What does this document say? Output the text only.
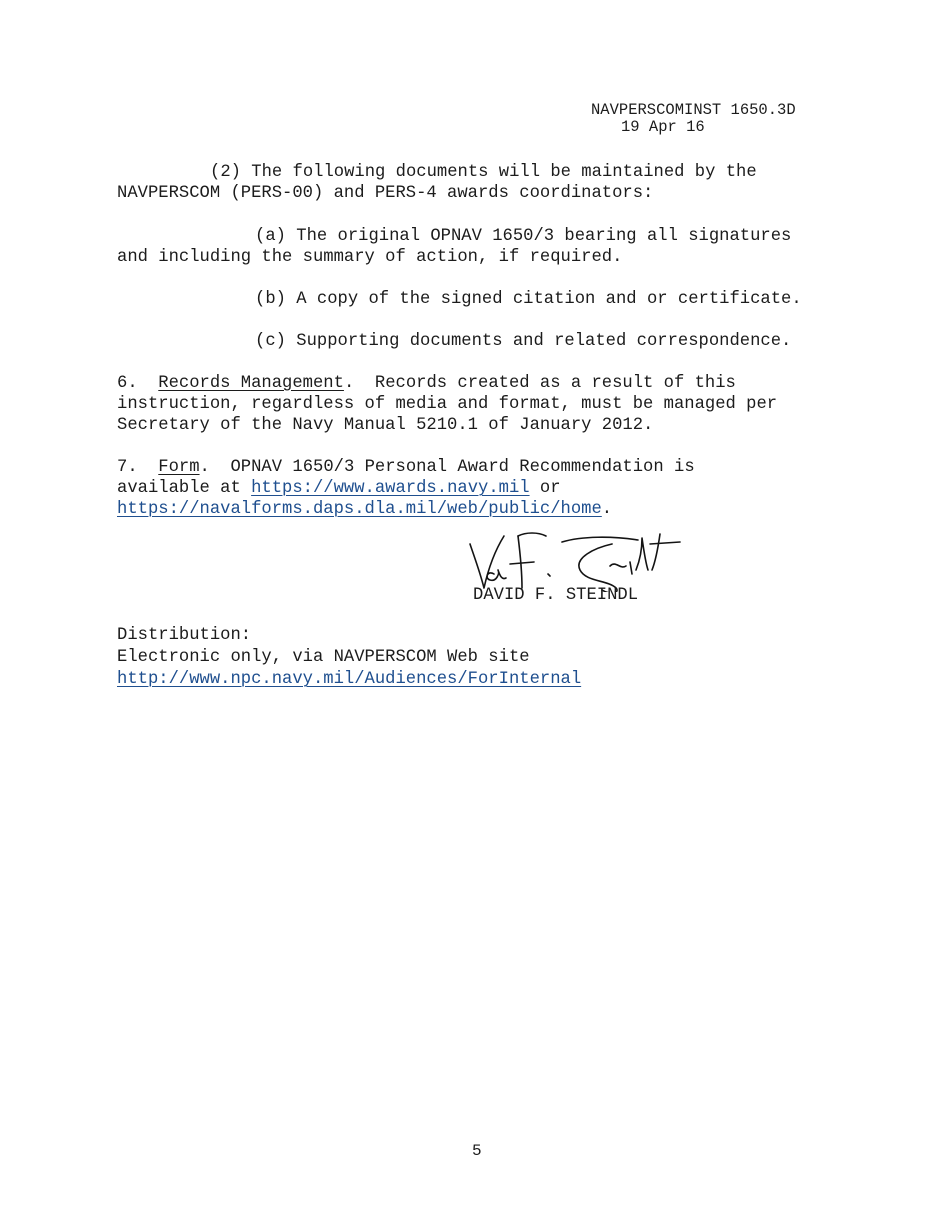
NAVPERSCOMINST 1650.3D
19 Apr 16
(2) The following documents will be maintained by the
NAVPERSCOM (PERS-00) and PERS-4 awards coordinators:
(a) The original OPNAV 1650/3 bearing all signatures
and including the summary of action, if required.
(b) A copy of the signed citation and or certificate.
(c) Supporting documents and related correspondence.
6. Records Management.  Records created as a result of this
instruction, regardless of media and format, must be managed per
Secretary of the Navy Manual 5210.1 of January 2012.
7. Form.  OPNAV 1650/3 Personal Award Recommendation is
available at https://www.awards.navy.mil or
https://navalforms.daps.dla.mil/web/public/home.
DAVID F. STEINDL
Distribution:
Electronic only, via NAVPERSCOM Web site
http://www.npc.navy.mil/Audiences/ForInternal
5
